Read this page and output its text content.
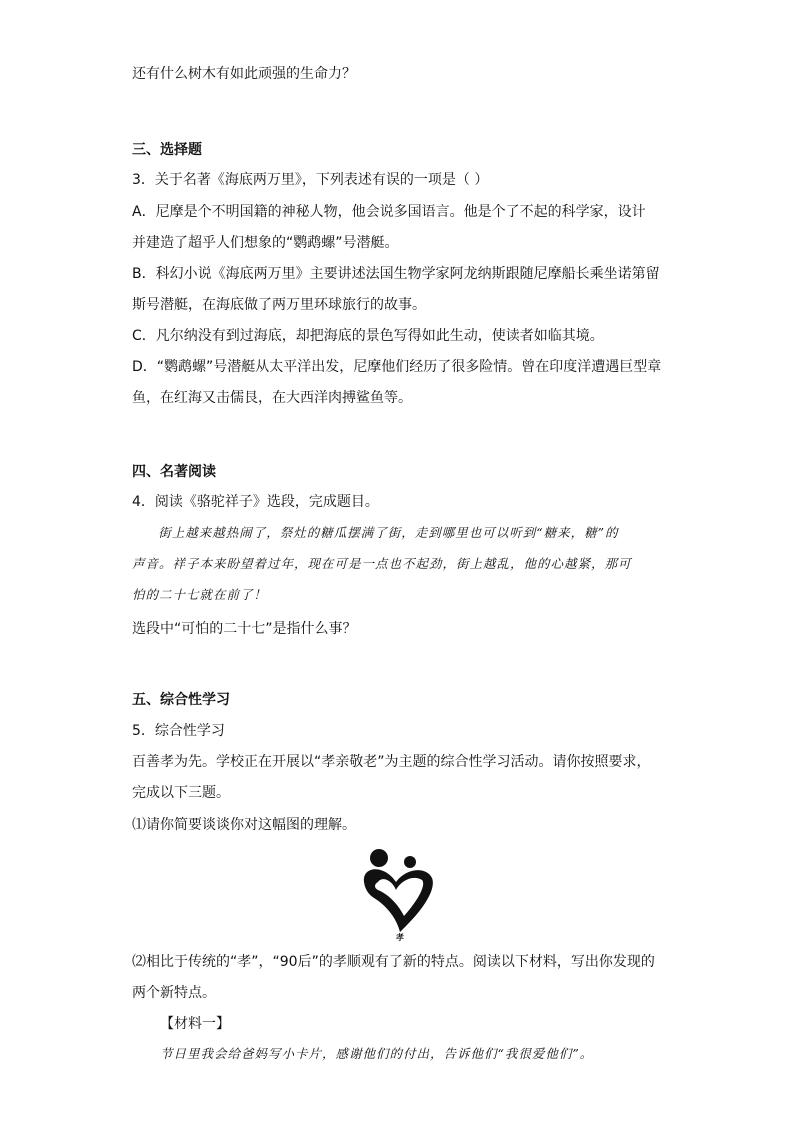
还有什么树木有如此顽强的生命力？
三、选择题
3．关于名著《海底两万里》，下列表述有误的一项是（ ）
A．尼摩是个不明国籍的神秘人物，他会说多国语言。他是个了不起的科学家，设计
并建造了超乎人们想象的“鹦鹉螺”号潜艇。
B．科幻小说《海底两万里》主要讲述法国生物学家阿龙纳斯跟随尼摩船长乘坐诺第留
斯号潜艇，在海底做了两万里环球旅行的故事。
C．凡尔纳没有到过海底，却把海底的景色写得如此生动，使读者如临其境。
D．“鹦鹉螺”号潜艇从太平洋出发，尼摩他们经历了很多险情。曾在印度洋遭遇巨型章
鱼，在红海又击儒艮，在大西洋肉搏鲨鱼等。
四、名著阅读
4．阅读《骆驼祥子》选段，完成题目。

街上越来越热闹了，祭灶的糖瓜摆满了街，走到哪里也可以听到“糖来，糖”的

声音。祥子本来盼望着过年，现在可是一点也不起劲，街上越乱，他的心越紧，那可

怕的二十七就在前了！

选段中“可怕的二十七”是指什么事？
五、综合性学习
5．综合性学习
百善孝为先。学校正在开展以“孝亲敬老”为主题的综合性学习活动。请你按照要求，
完成以下三题。
⑴请你简要谈谈你对这幅图的理解。
孝
⑵相比于传统的“孝”，“90后”的孝顺观有了新的特点。阅读以下材料，写出你发现的
两个新特点。
【材料一】

节日里我会给爸妈写小卡片，感谢他们的付出，告诉他们“我很爱他们”。
